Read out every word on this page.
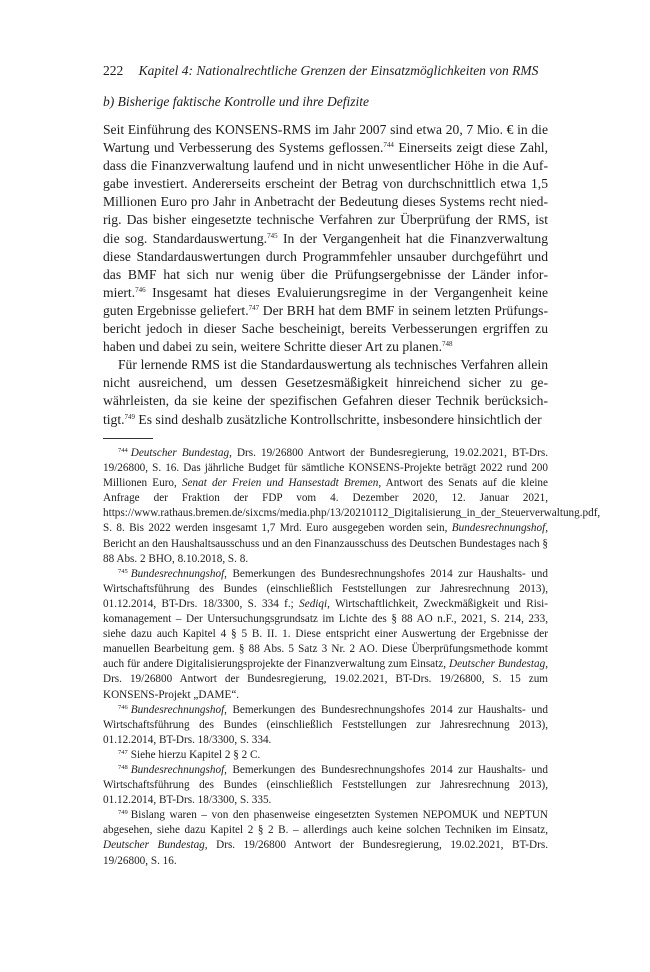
222 Kapitel 4: Nationalrechtliche Grenzen der Einsatzmöglichkeiten von RMS
b) Bisherige faktische Kontrolle und ihre Defizite

Seit Einführung des KONSENS-RMS im Jahr 2007 sind etwa 20, 7 Mio. € in die Wartung und Verbesserung des Systems geflossen.$^{744}$ Einerseits zeigt diese Zahl, dass die Finanzverwaltung laufend und in nicht unwesentlicher Höhe in die Aufgabe investiert. Andererseits erscheint der Betrag von durchschnittlich etwa 1,5 Millionen Euro pro Jahr in Anbetracht der Bedeutung dieses Systems recht niedrig. Das bisher eingesetzte technische Verfahren zur Überprüfung der RMS, ist die sog. Standardauswertung.$^{745}$ In der Vergangenheit hat die Finanzverwaltung diese Standardauswertungen durch Programmfehler unsauber durchgeführt und das BMF hat sich nur wenig über die Prüfungsergebnisse der Länder informiert.$^{746}$ Insgesamt hat dieses Evaluierungsregime in der Vergangenheit keine guten Ergebnisse geliefert.$^{747}$ Der BRH hat dem BMF in seinem letzten Prüfungsbericht jedoch in dieser Sache bescheinigt, bereits Verbesserungen ergriffen zu haben und dabei zu sein, weitere Schritte dieser Art zu planen.$^{748}$

Für lernende RMS ist die Standardauswertung als technisches Verfahren allein nicht ausreichend, um dessen Gesetzesmäßigkeit hinreichend sicher zu gewährleisten, da sie keine der spezifischen Gefahren dieser Technik berücksichtigt.$^{749}$ Es sind deshalb zusätzliche Kontrollschritte, insbesondere hinsichtlich der

$^{744}$ Deutscher Bundestag, Drs. 19/26800 Antwort der Bundesregierung, 19.02.2021, BT-Drs. 19/26800, S. 16. Das jährliche Budget für sämtliche KONSENS-Projekte beträgt 2022 rund 200 Millionen Euro, Senat der Freien und Hansestadt Bremen, Antwort des Senats auf die kleine Anfrage der Fraktion der FDP vom 4. Dezember 2020, 12. Januar 2021, https://www.rathaus.bremen.de/sixcms/media.php/13/20210112_Digitalisierung_in_der_Steuerverwaltung.pdf, S. 8. Bis 2022 werden insgesamt 1,7 Mrd. Euro ausgegeben worden sein, Bundesrechnungshof, Bericht an den Haushaltsausschuss und an den Finanzausschuss des Deutschen Bundestages nach § 88 Abs. 2 BHO, 8.10.2018, S. 8.

$^{745}$ Bundesrechnungshof, Bemerkungen des Bundesrechnungshofes 2014 zur Haushalts- und Wirtschaftsführung des Bundes (einschließlich Feststellungen zur Jahresrechnung 2013), 01.12.2014, BT-Drs. 18/3300, S. 334 f.; Sediqi, Wirtschaftlichkeit, Zweckmäßigkeit und Risikomanagement – Der Untersuchungsgrundsatz im Lichte des § 88 AO n.F., 2021, S. 214, 233, siehe dazu auch Kapitel 4 § 5 B. II. 1. Diese entspricht einer Auswertung der Ergebnisse der manuellen Bearbeitung gem. § 88 Abs. 5 Satz 3 Nr. 2 AO. Diese Überprüfungsmethode kommt auch für andere Digitalisierungsprojekte der Finanzverwaltung zum Einsatz, Deutscher Bundestag, Drs. 19/26800 Antwort der Bundesregierung, 19.02.2021, BT-Drs. 19/26800, S. 15 zum KONSENS-Projekt „DAME“.

$^{746}$ Bundesrechnungshof, Bemerkungen des Bundesrechnungshofes 2014 zur Haushalts- und Wirtschaftsführung des Bundes (einschließlich Feststellungen zur Jahresrechnung 2013), 01.12.2014, BT-Drs. 18/3300, S. 334.

$^{747}$ Siehe hierzu Kapitel 2 § 2 C.

$^{748}$ Bundesrechnungshof, Bemerkungen des Bundesrechnungshofes 2014 zur Haushalts- und Wirtschaftsführung des Bundes (einschließlich Feststellungen zur Jahresrechnung 2013), 01.12.2014, BT-Drs. 18/3300, S. 335.

$^{749}$ Bislang waren – von den phasenweise eingesetzten Systemen NEPOMUK und NEPTUN abgesehen, siehe dazu Kapitel 2 § 2 B. – allerdings auch keine solchen Techniken im Einsatz, Deutscher Bundestag, Drs. 19/26800 Antwort der Bundesregierung, 19.02.2021, BT-Drs. 19/26800, S. 16.
